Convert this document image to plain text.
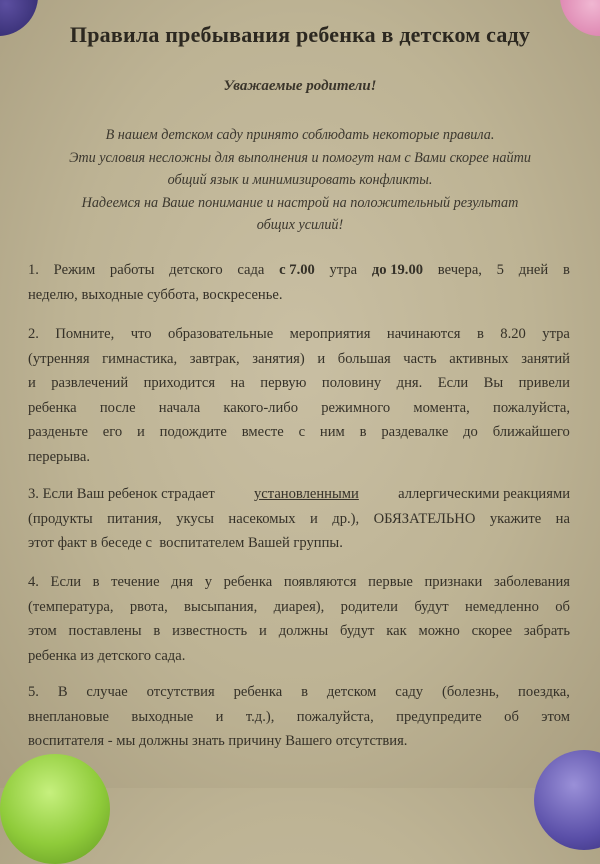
Правила пребывания ребенка в детском саду
Уважаемые родители!
В нашем детском саду принято соблюдать некоторые правила.
Эти условия несложны для выполнения и помогут нам с Вами скорее найти
общий язык и минимизировать конфликты.
Надеемся на Ваше понимание и настрой на положительный результат
общих усилий!
1. Режим работы детского сада с 7.00 утра до 19.00 вечера, 5 дней в
неделю, выходные суббота, воскресенье.
2. Помните, что образовательные мероприятия начинаются в 8.20 утра
(утренняя гимнастика, завтрак, занятия) и большая часть активных занятий
и развлечений приходится на первую половину дня. Если Вы привели
ребенка после начала какого-либо режимного момента, пожалуйста,
разденьте его и подождите вместе с ним в раздевалке до ближайшего
перерыва.
3. Если Ваш ребенок страдает	установленными	аллергическими реакциями
(продукты питания, укусы насекомых и др.), ОБЯЗАТЕЛЬНО укажите на
этот факт в беседе с  воспитателем Вашей группы.
4. Если в течение дня у ребенка появляются первые признаки заболевания
(температура, рвота, высыпания, диарея), родители будут немедленно об
этом поставлены в известность и должны будут как можно скорее забрать
ребенка из детского сада.
5. В случае отсутствия ребенка в детском саду (болезнь, поездка,
внеплановые выходные и т.д.), пожалуйста, предупредите об этом
воспитателя - мы должны знать причину Вашего отсутствия.
